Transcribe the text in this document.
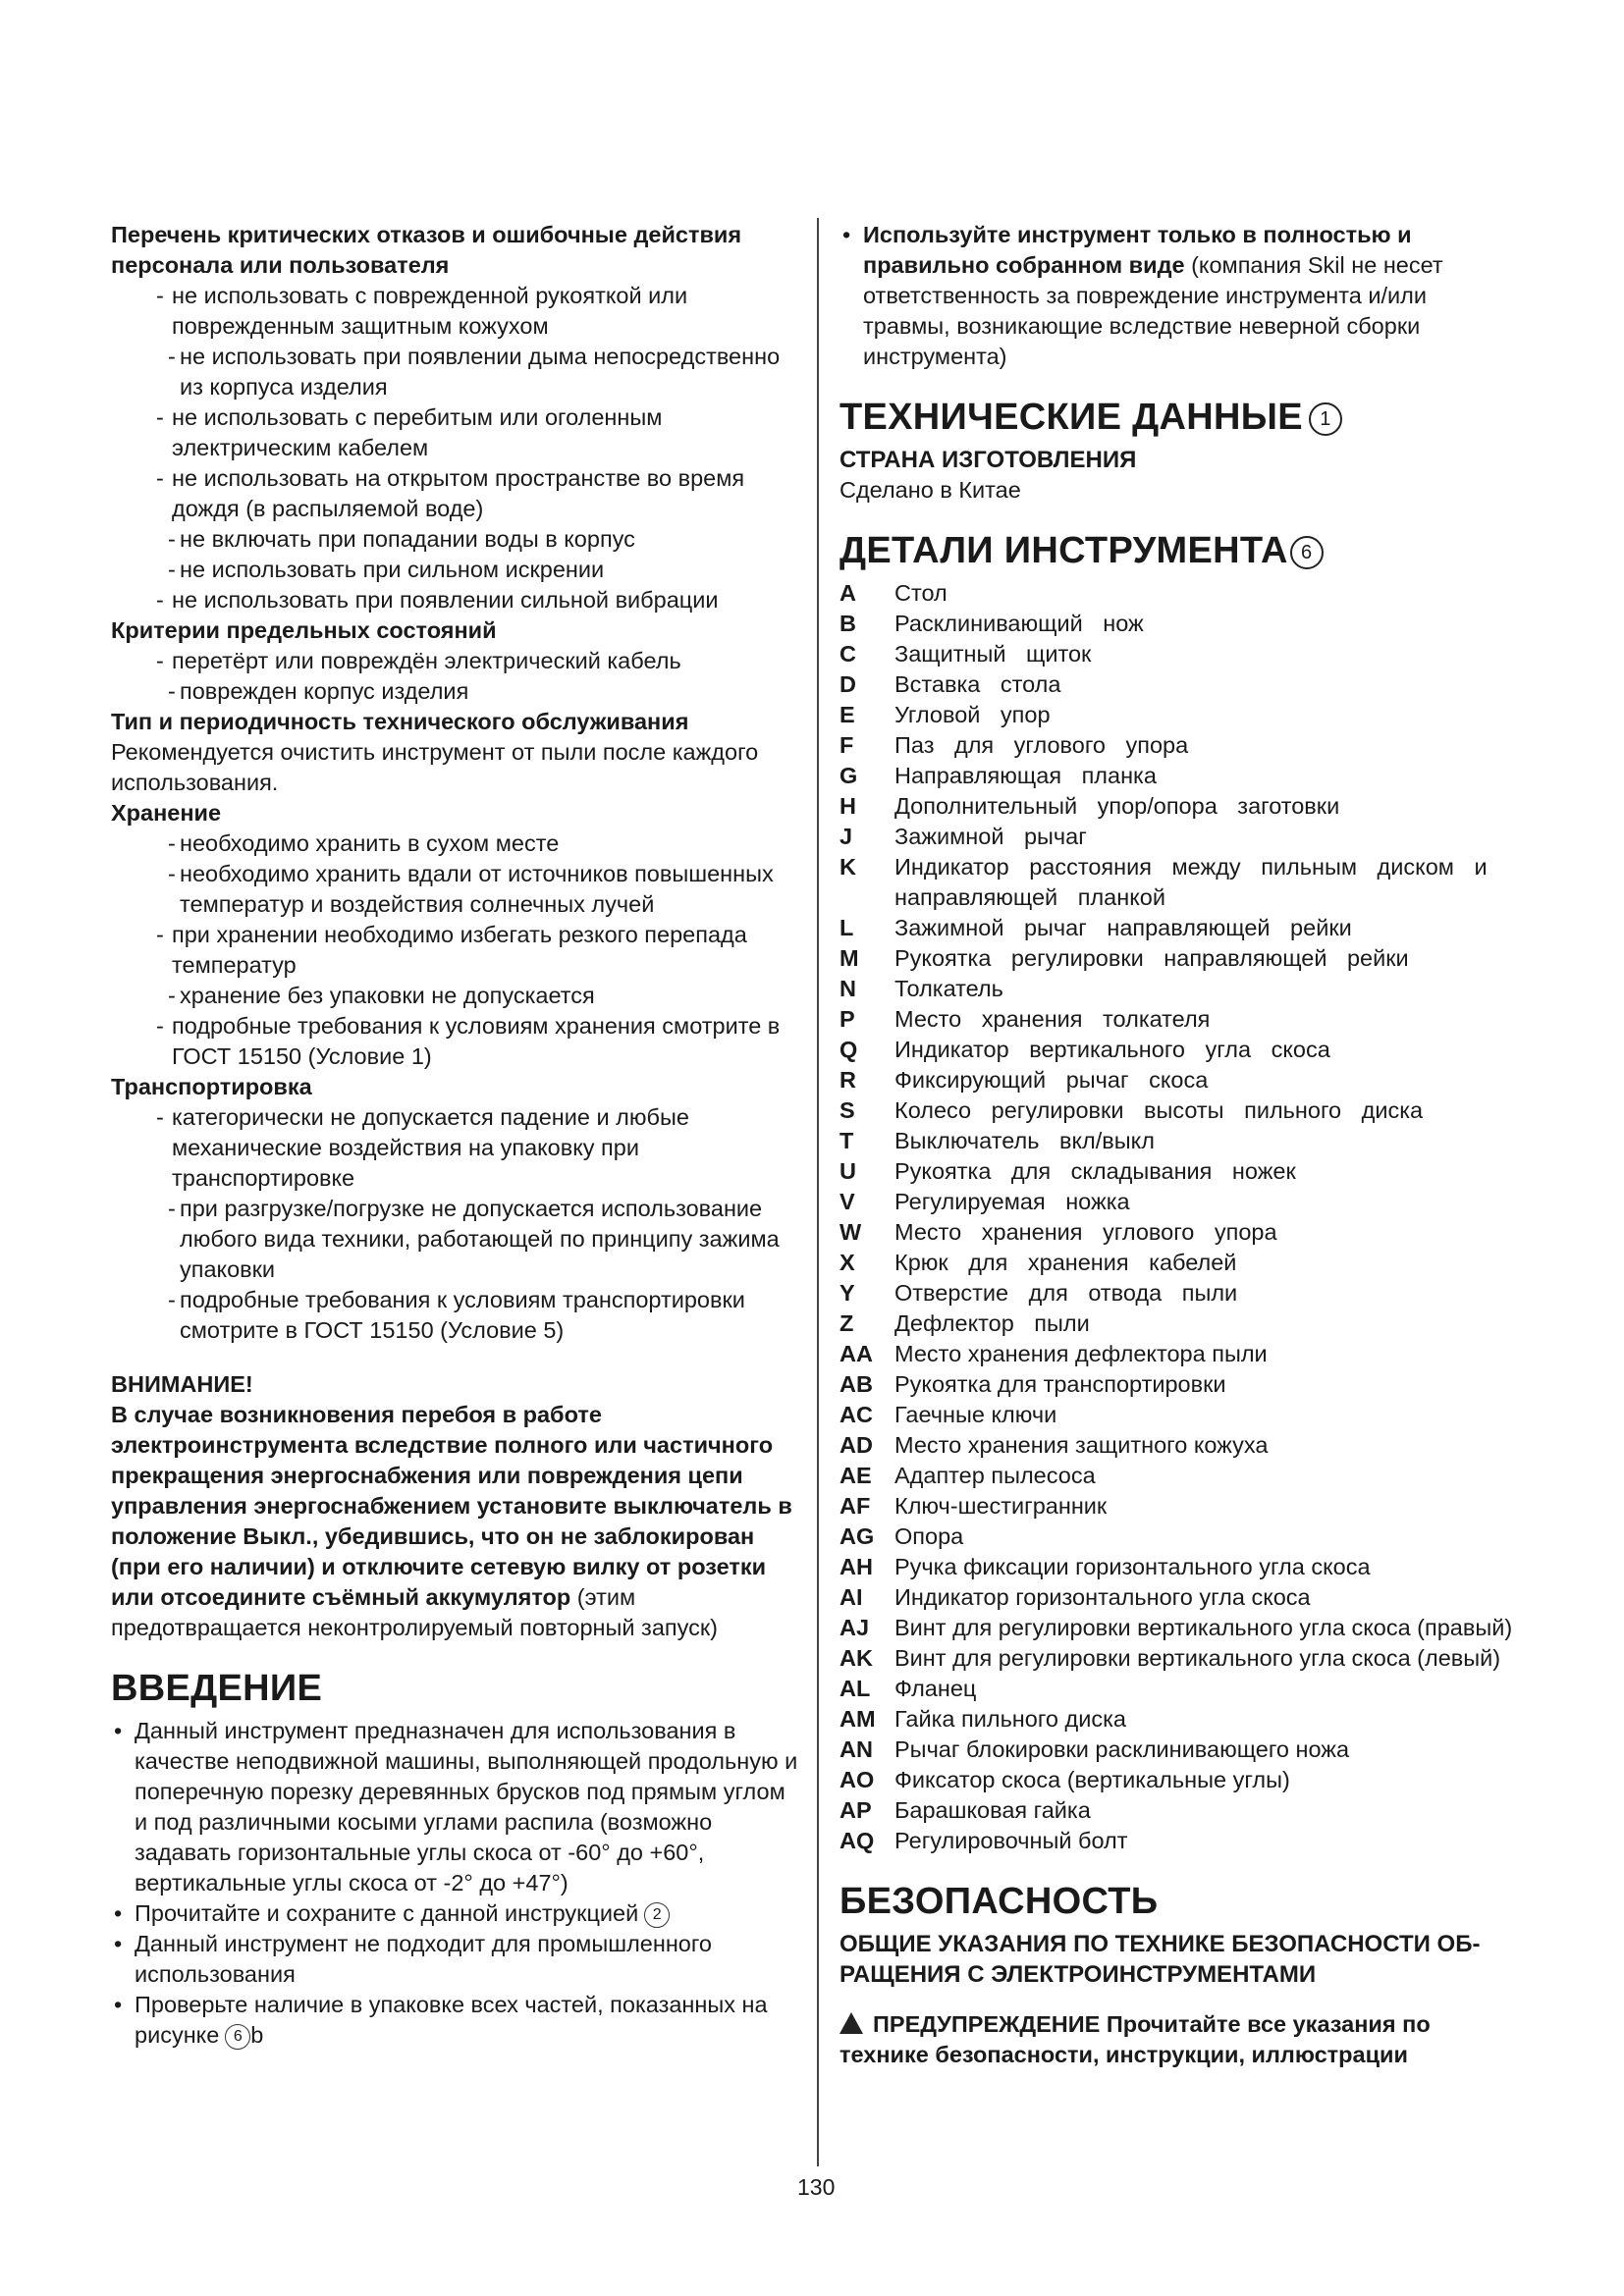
Перечень критических отказов и ошибочные действия персонала или пользователя

- не использовать с поврежденной рукояткой или поврежденным защитным кожухом

- не использовать при появлении дыма непосредственно из корпуса изделия

- не использовать с перебитым или оголенным электрическим кабелем

- не использовать на открытом пространстве во время дождя (в распыляемой воде)

- не включать при попадании воды в корпус

- не использовать при сильном искрении

- не использовать при появлении сильной вибрации

Критерии предельных состояний

- перетёрт или повреждён электрический кабель

- поврежден корпус изделия

Тип и периодичность технического обслуживания

Рекомендуется очистить инструмент от пыли после каждого использования.

Хранение

- необходимо хранить в сухом месте

- необходимо хранить вдали от источников повышенных температур и воздействия солнечных лучей

- при хранении необходимо избегать резкого перепада температур

- хранение без упаковки не допускается

- подробные требования к условиям хранения смотрите в ГОСТ 15150 (Условие 1)

Транспортировка

- категорически не допускается падение и любые механические воздействия на упаковку при транспортировке

- при разгрузке/погрузке не допускается использование любого вида техники, работающей по принципу зажима упаковки

- подробные требования к условиям транспортировки смотрите в ГОСТ 15150 (Условие 5)

ВНИМАНИЕ!

В случае возникновения перебоя в работе электроинструмента вследствие полного или частичного прекращения энергоснабжения или повреждения цепи управления энергоснабжением установите выключатель в положение Выкл., убедившись, что он не заблокирован (при его наличии) и отключите сетевую вилку от розетки или отсоедините съёмный аккумулятор (этим предотвращается неконтролируемый повторный запуск)

ВВЕДЕНИЕ

• Данный инструмент предназначен для использования в качестве неподвижной машины, выполняющей продольную и поперечную порезку деревянных брусков под прямым углом и под различными косыми углами распила (возможно задавать горизонтальные углы скоса от -60° до +60°, вертикальные углы скоса от -2° до +47°)

• Прочитайте и сохраните с данной инструкцией 2

• Данный инструмент не подходит для промышленного использования

• Проверьте наличие в упаковке всех частей, показанных на рисунке 6 b

• Используйте инструмент только в полностью и правильно собранном виде (компания Skil не несет ответственность за повреждение инструмента и/или травмы, возникающие вследствие неверной сборки инструмента)

ТЕХНИЧЕСКИЕ ДАННЫЕ 1

СТРАНА ИЗГОТОВЛЕНИЯ

Сделано в Китае

ДЕТАЛИ ИНСТРУМЕНТА 6
A Стол
B Расклинивающий нож
C Защитный щиток
D Вставка стола
E Угловой упор
F Паз для углового упора
G Направляющая планка
H Дополнительный упор/опора заготовки
J Зажимной рычаг
K Индикатор расстояния между пильным диском и направляющей планкой
L Зажимной рычаг направляющей рейки
M Рукоятка регулировки направляющей рейки
N Толкатель
P Место хранения толкателя
Q Индикатор вертикального угла скоса
R Фиксирующий рычаг скоса
S Колесо регулировки высоты пильного диска
T Выключатель вкл/выкл
U Рукоятка для складывания ножек
V Регулируемая ножка
W Место хранения углового упора
X Крюк для хранения кабелей
Y Отверстие для отвода пыли
Z Дефлектор пыли
AA Место хранения дефлектора пыли
AB Рукоятка для транспортировки
AC Гаечные ключи
AD Место хранения защитного кожуха
AE Адаптер пылесоса
AF Ключ-шестигранник
AG Опора
AH Ручка фиксации горизонтального угла скоса
AI Индикатор горизонтального угла скоса
AJ Винт для регулировки вертикального угла скоса (правый)
AK Винт для регулировки вертикального угла скоса (левый)
AL Фланец
AM Гайка пильного диска
AN Рычаг блокировки расклинивающего ножа
AO Фиксатор скоса (вертикальные углы)
AP Барашковая гайка
AQ Регулировочный болт
БЕЗОПАСНОСТЬ

ОБЩИЕ УКАЗАНИЯ ПО ТЕХНИКЕ БЕЗОПАСНОСТИ ОБ- РАЩЕНИЯ С ЭЛЕКТРОИНСТРУМЕНТАМИ

ПРЕДУПРЕЖДЕНИЕ Прочитайте все указания по технике безопасности, инструкции, иллюстрации

130
